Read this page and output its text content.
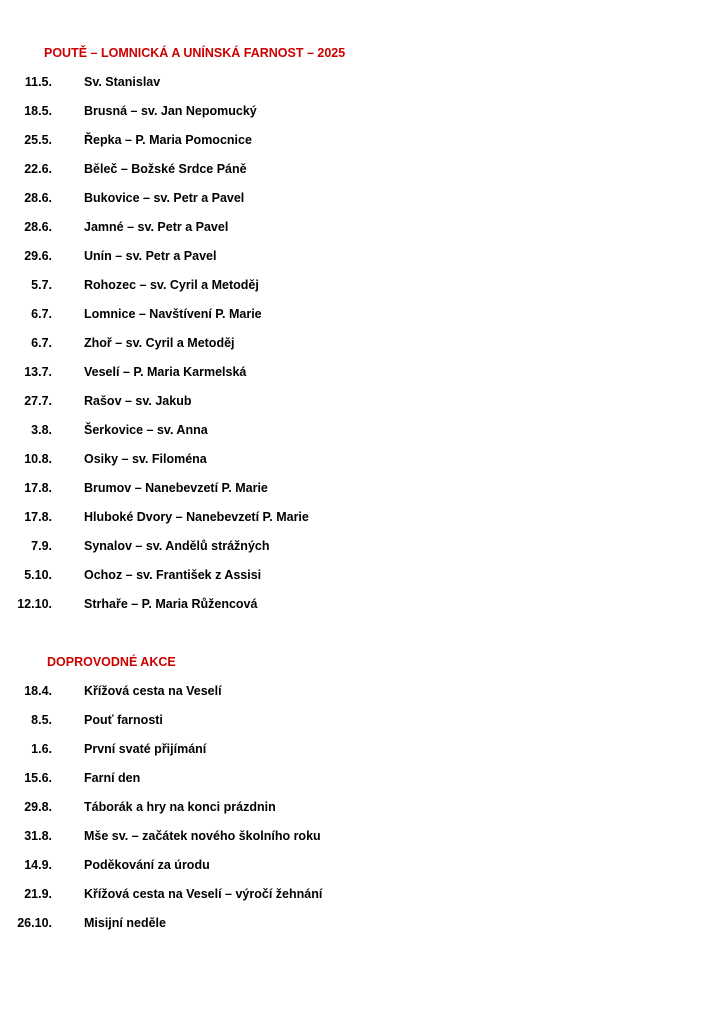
POUTĚ – LOMNICKÁ A UNÍNSKÁ FARNOST – 2025
11.5.	Sv. Stanislav
18.5.	Brusná – sv. Jan Nepomucký
25.5.	Řepka – P. Maria Pomocnice
22.6.	Běleč – Božské Srdce Páně
28.6.	Bukovice – sv. Petr a Pavel
28.6.	Jamné – sv. Petr a Pavel
29.6.	Unín – sv. Petr a Pavel
5.7.	Rohozec – sv. Cyril a Metoděj
6.7.	Lomnice – Navštívení P. Marie
6.7.	Zhoř – sv. Cyril a Metoděj
13.7.	Veselí – P. Maria Karmelská
27.7.	Rašov – sv. Jakub
3.8.	Šerkovice – sv. Anna
10.8.	Osiky – sv. Filoména
17.8.	Brumov – Nanebevzetí P. Marie
17.8.	Hluboké Dvory – Nanebevzetí P. Marie
7.9.	Synalov – sv. Andělů strážných
5.10.	Ochoz – sv. František z Assisi
12.10.	Strhaře – P. Maria Růžencová
DOPROVODNÉ AKCE
18.4.	Křížová cesta na Veselí
8.5.	Pouť farnosti
1.6.	První svaté přijímání
15.6.	Farní den
29.8.	Táborák a hry na konci prázdnin
31.8.	Mše sv. – začátek nového školního roku
14.9.	Poděkování za úrodu
21.9.	Křížová cesta na Veselí – výročí žehnání
26.10.	Misijní neděle
